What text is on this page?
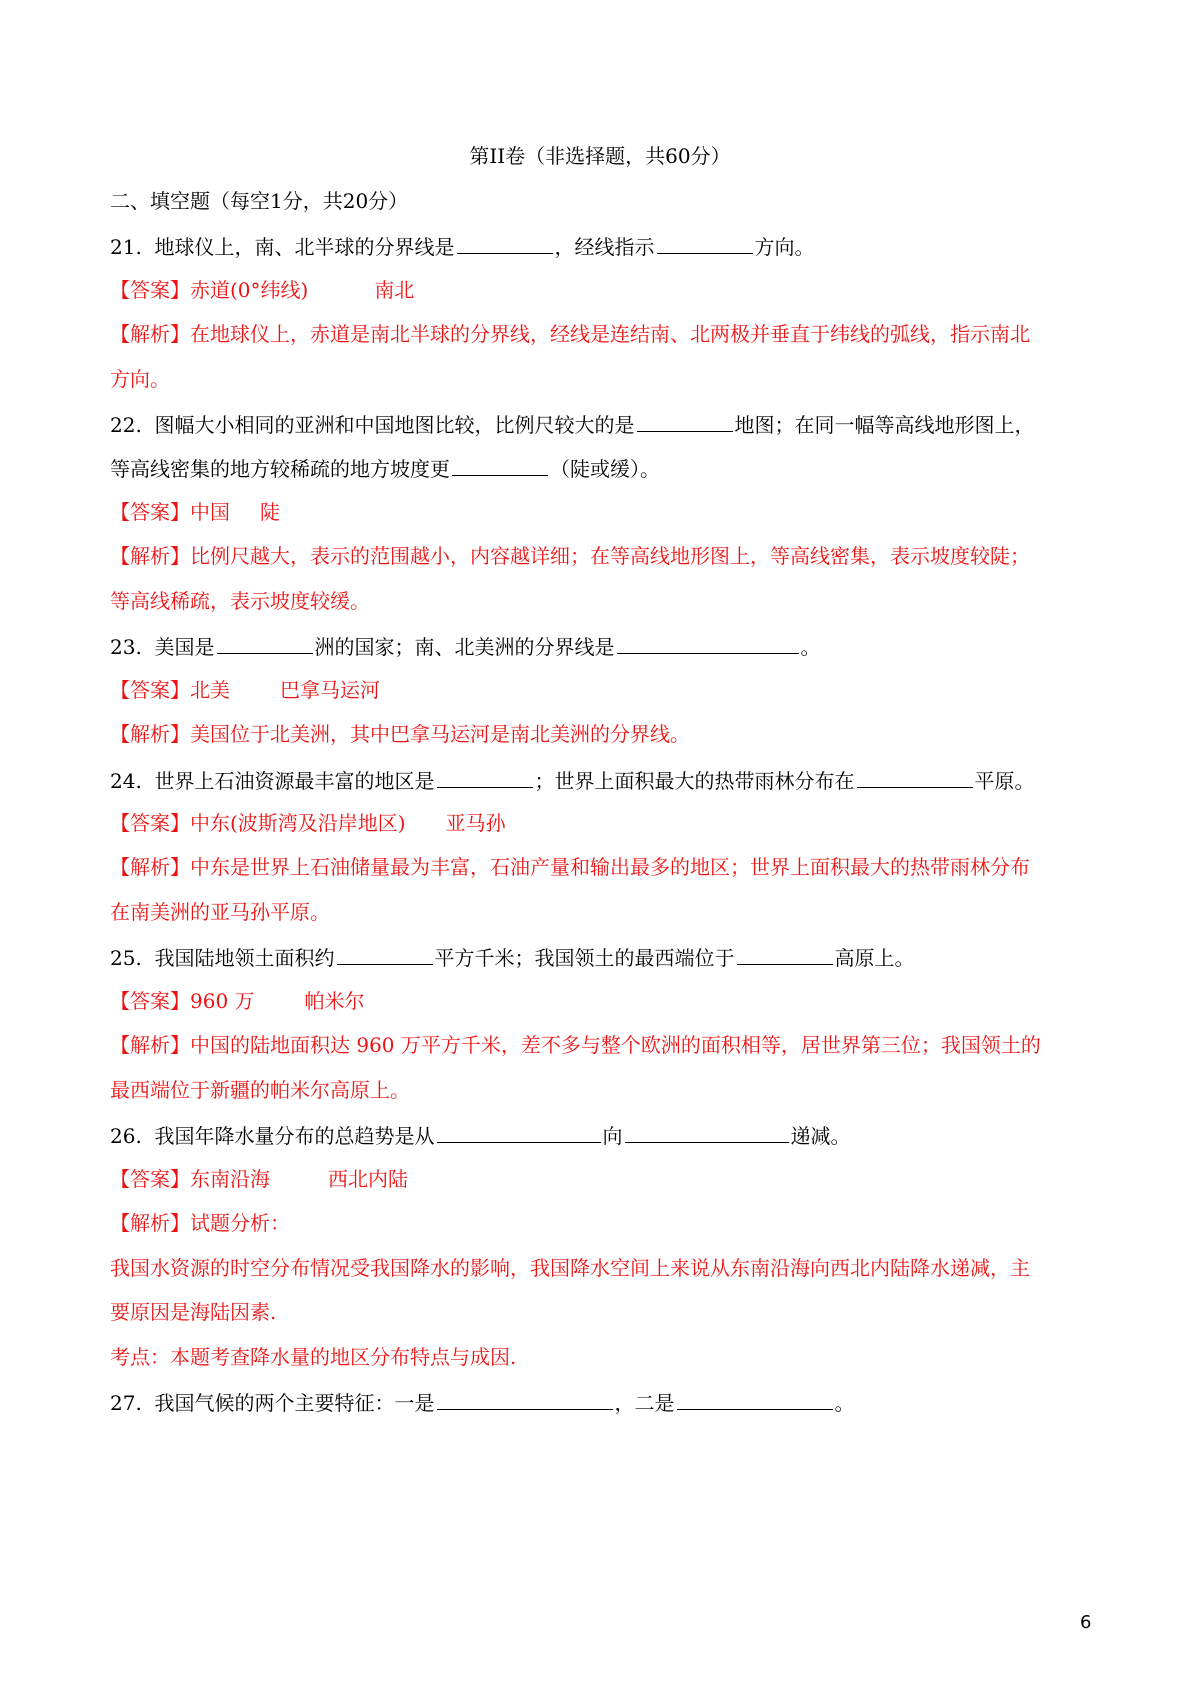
第II卷（非选择题，共60分）
二、填空题（每空1分，共20分）
21. 地球仪上，南、北半球的分界线是	，经线指示	方向。
【答案】赤道(0°纬线)	南北
【解析】在地球仪上，赤道是南北半球的分界线，经线是连结南、北两极并垂直于纬线的弧线，指示南北
方向。
22. 图幅大小相同的亚洲和中国地图比较，比例尺较大的是	地图；在同一幅等高线地形图上，
等高线密集的地方较稀疏的地方坡度更	（陡或缓）。
【答案】中国 陡
【解析】比例尺越大，表示的范围越小，内容越详细；在等高线地形图上，等高线密集，表示坡度较陡；
等高线稀疏，表示坡度较缓。
23. 美国是	洲的国家；南、北美洲的分界线是	。
【答案】北美	巴拿马运河
【解析】美国位于北美洲，其中巴拿马运河是南北美洲的分界线。
24. 世界上石油资源最丰富的地区是	；世界上面积最大的热带雨林分布在	平原。
【答案】中东(波斯湾及沿岸地区) 亚马孙
【解析】中东是世界上石油储量最为丰富，石油产量和输出最多的地区；世界上面积最大的热带雨林分布
在南美洲的亚马孙平原。
25. 我国陆地领土面积约	平方千米；我国领土的最西端位于	高原上。
【答案】960 万	帕米尔
【解析】中国的陆地面积达 960 万平方千米，差不多与整个欧洲的面积相等，居世界第三位；我国领土的
最西端位于新疆的帕米尔高原上。
26. 我国年降水量分布的总趋势是从	向	递减。
【答案】东南沿海	西北内陆
【解析】试题分析：
我国水资源的时空分布情况受我国降水的影响，我国降水空间上来说从东南沿海向西北内陆降水递减，主
要原因是海陆因素.
考点：本题考查降水量的地区分布特点与成因.
27. 我国气候的两个主要特征：一是	，二是	。
6
